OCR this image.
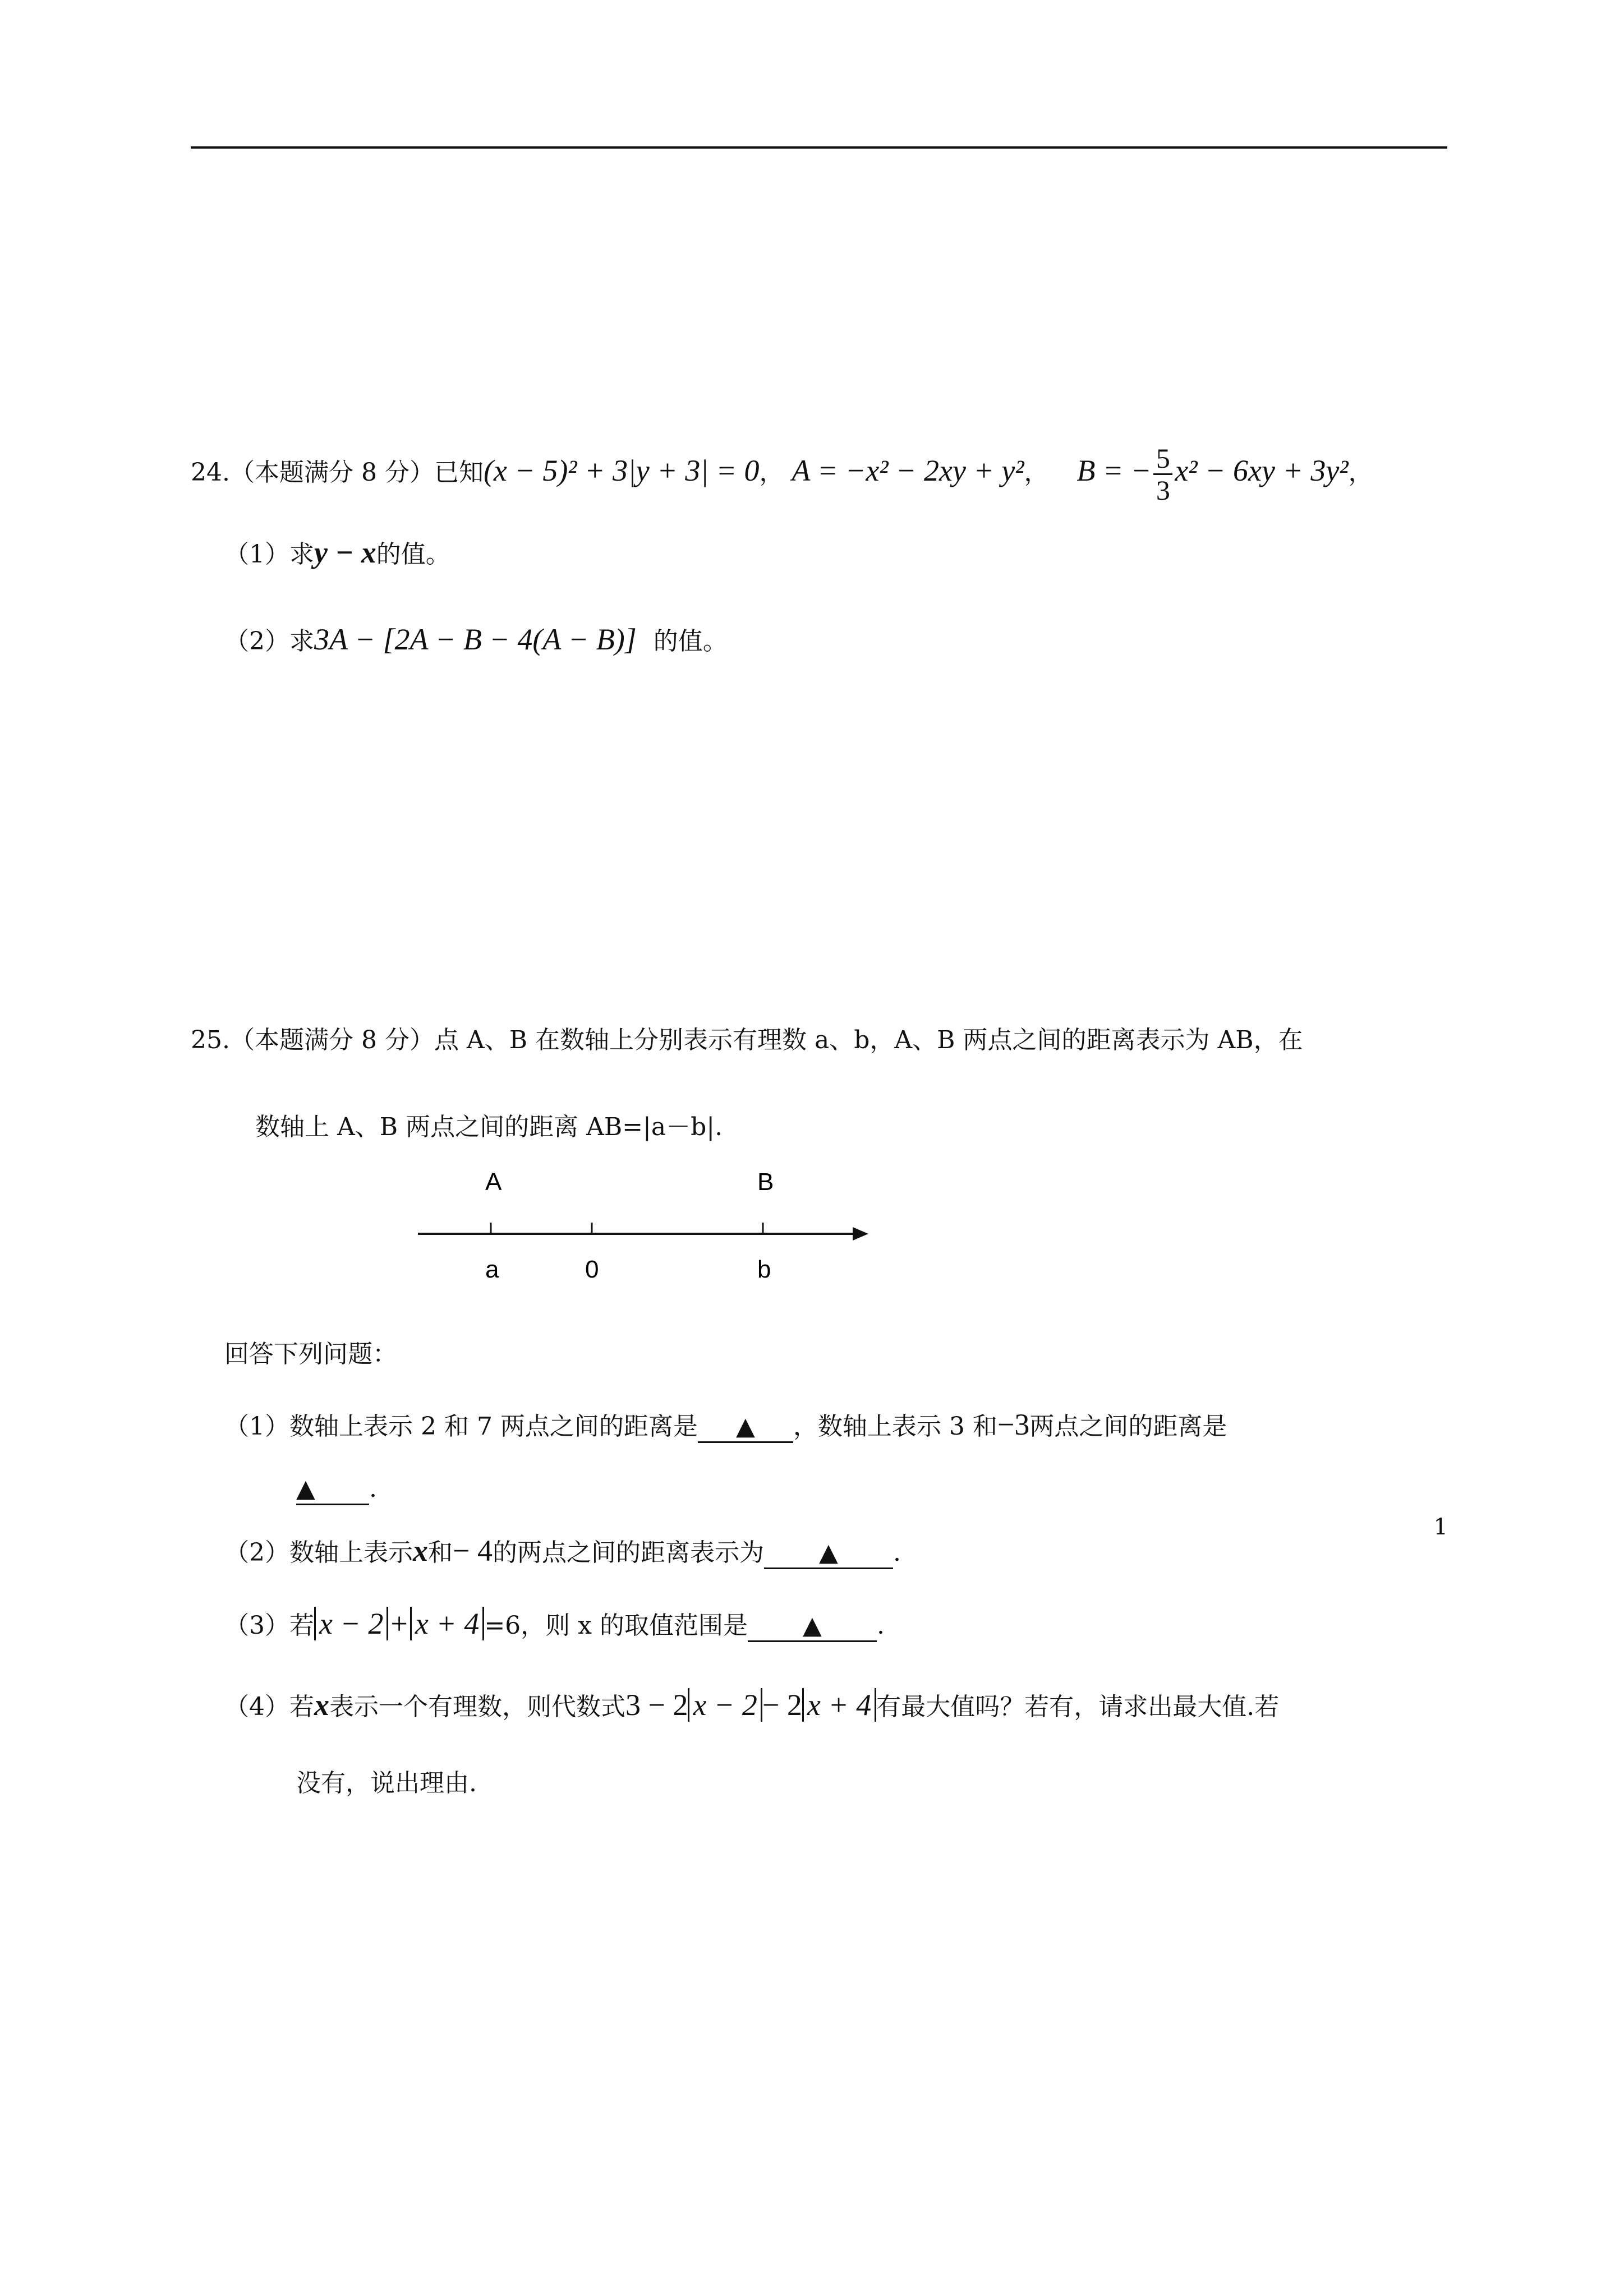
24.（本题满分 8 分）已知(x − 5)² + 3|y + 3| = 0， A = −x² − 2xy + y²， B = − $\frac{5}{3} x^2 - 6xy + 3y^2$，
（1）求y − x的值。
（2）求3A − [2A − B − 4(A − B)] 的值。
25.（本题满分 8 分）点 A、B 在数轴上分别表示有理数 a、b，A、B 两点之间的距离表示为 AB，在
数轴上 A、B 两点之间的距离 AB=|a－b|.
A	B
a	0	b
回答下列问题：
（1）数轴上表示 2 和 7 两点之间的距离是 ▲ ，数轴上表示 3 和−3两点之间的距离是
▲ .
（2）数轴上表示x和− 4的两点之间的距离表示为 ▲ .
（3）若 x − 2 + x + 4 =6，则 x 的取值范围是 ▲ .
（4）若x表示一个有理数，则代数式3 − 2 x − 2 − 2 x + 4 有最大值吗？若有，请求出最大值.若
没有，说出理由.
1
